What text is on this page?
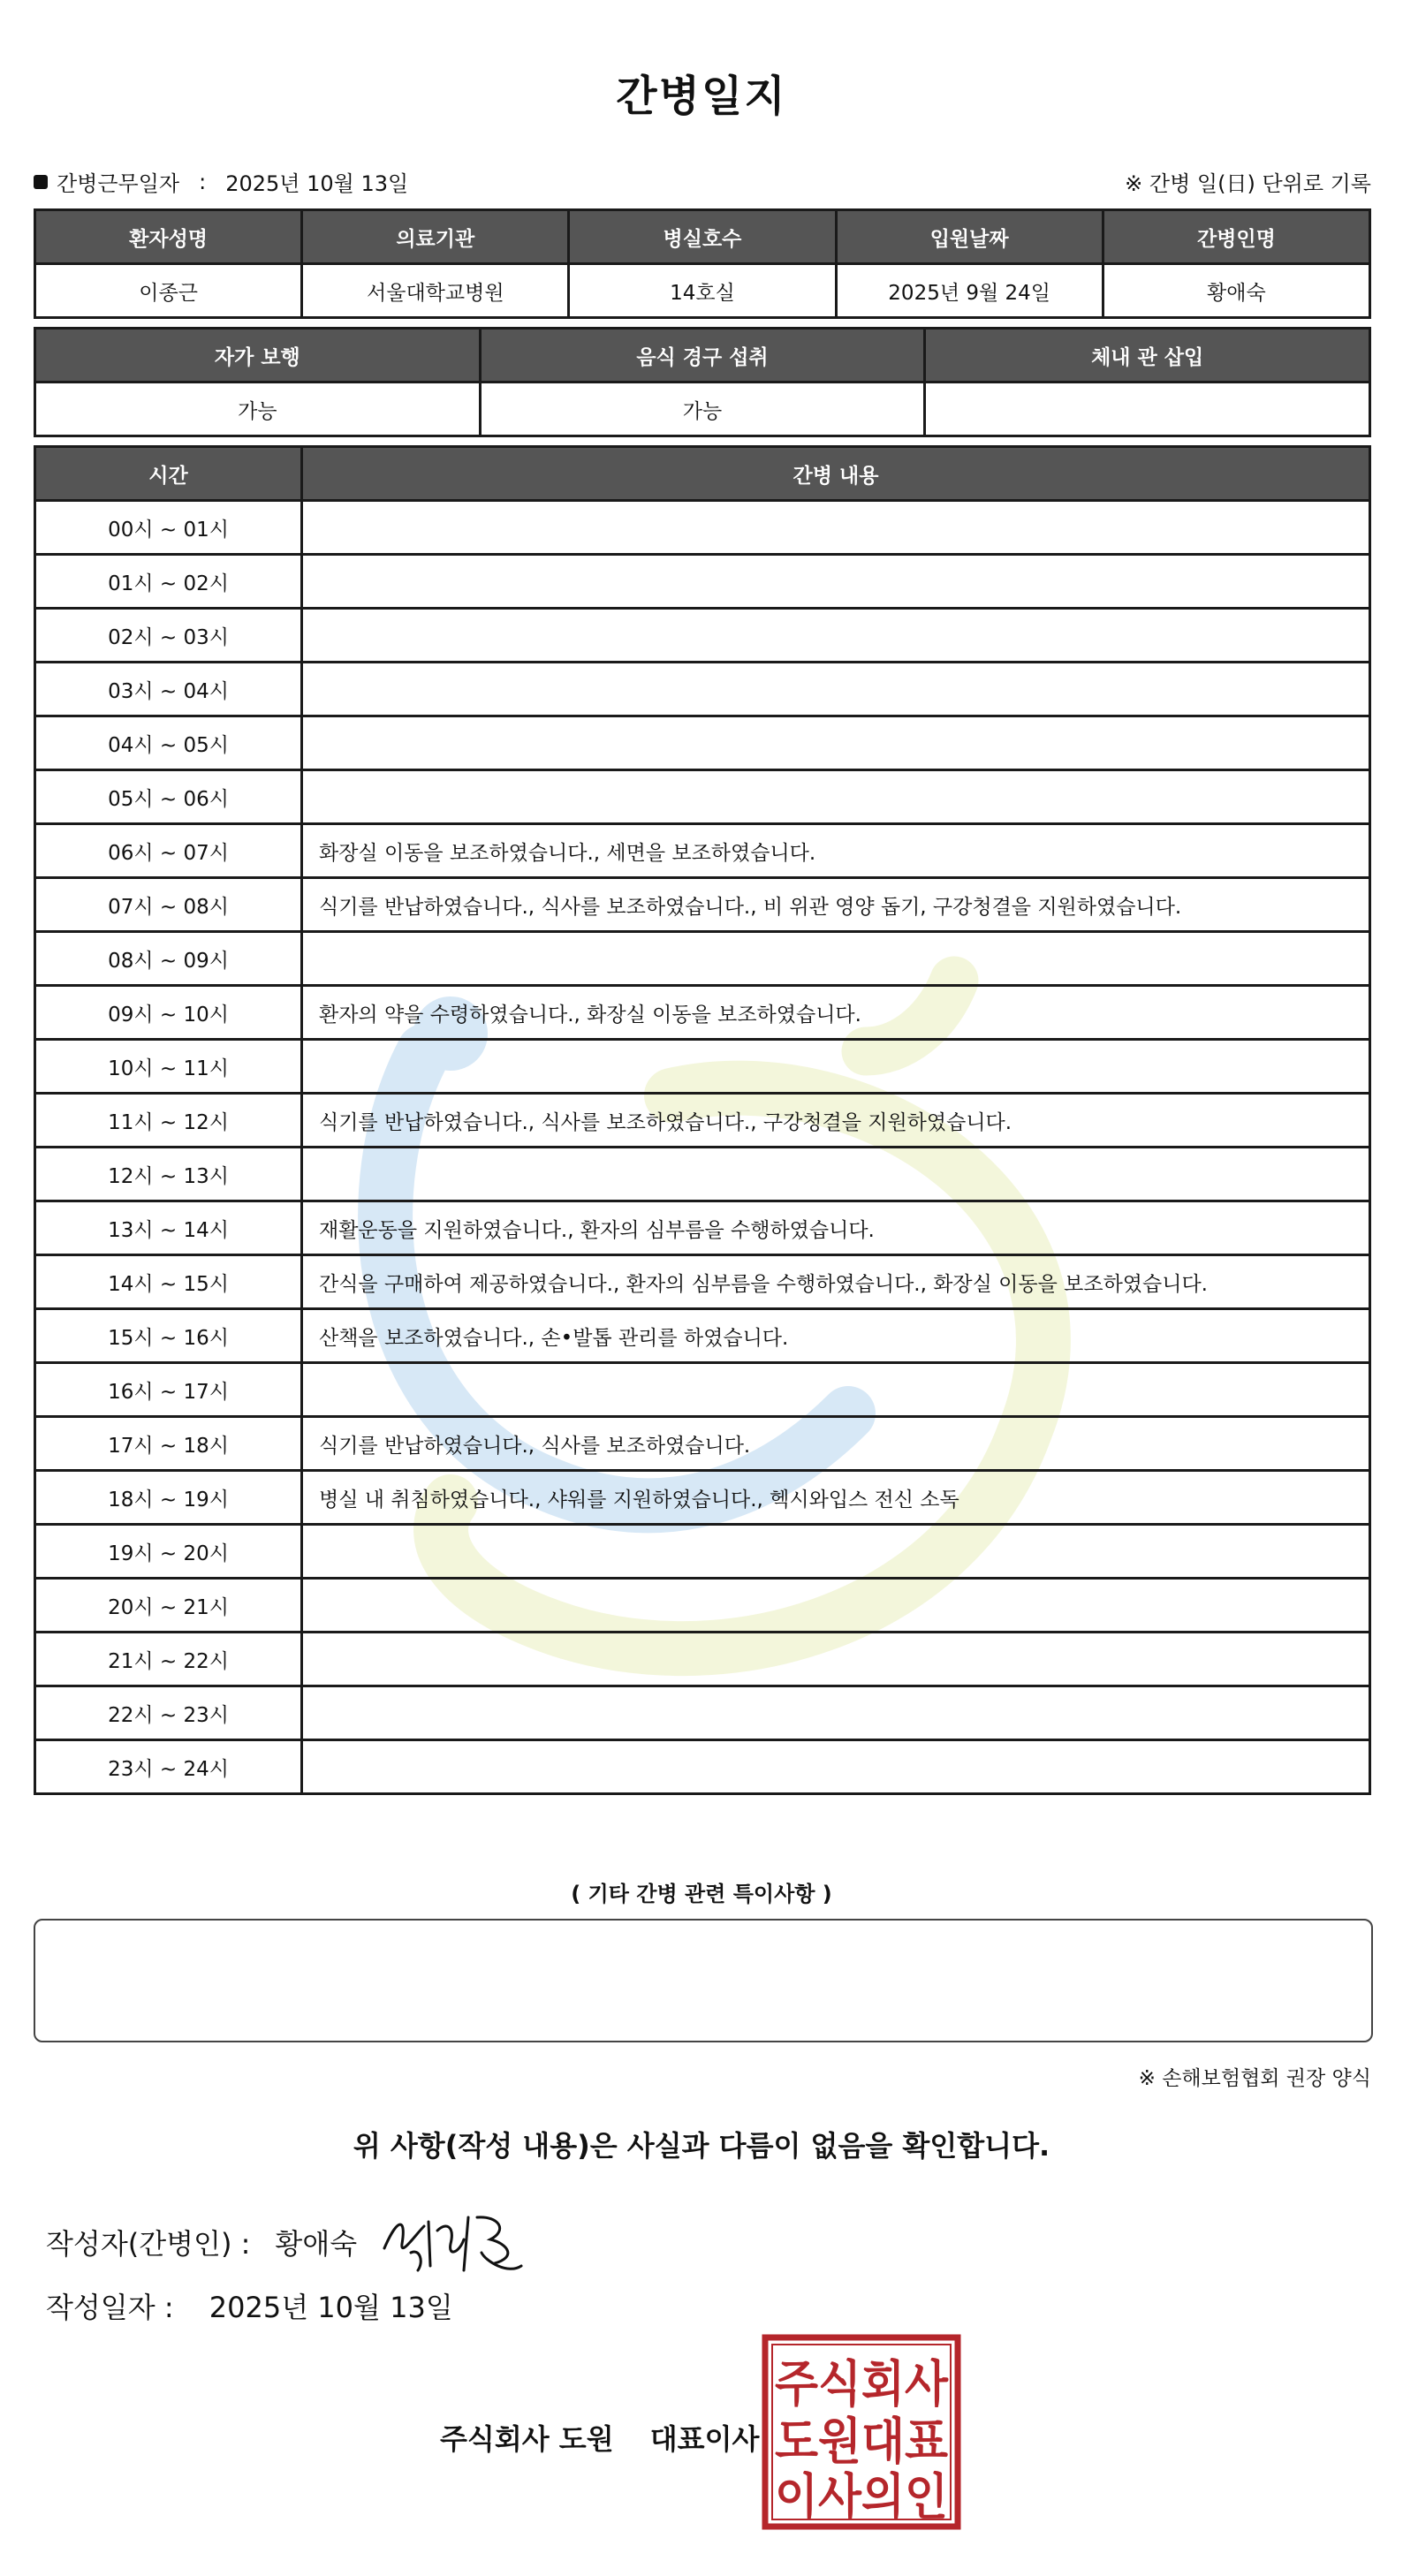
간병일지
간병근무일자 : 2025년 10월 13일	※ 간병 일(日) 단위로 기록
환자성명	의료기관	병실호수	입원날짜	간병인명
이종근	서울대학교병원	14호실	2025년 9월 24일	황애숙
자가 보행	음식 경구 섭취	체내 관 삽입
가능	가능	
시간	간병 내용
00시 ~ 01시	
01시 ~ 02시	
02시 ~ 03시	
03시 ~ 04시	
04시 ~ 05시	
05시 ~ 06시	
06시 ~ 07시	화장실 이동을 보조하였습니다., 세면을 보조하였습니다.
07시 ~ 08시	식기를 반납하였습니다., 식사를 보조하였습니다., 비 위관 영양 돕기, 구강청결을 지원하였습니다.
08시 ~ 09시	
09시 ~ 10시	환자의 약을 수령하였습니다., 화장실 이동을 보조하였습니다.
10시 ~ 11시	
11시 ~ 12시	식기를 반납하였습니다., 식사를 보조하였습니다., 구강청결을 지원하였습니다.
12시 ~ 13시	
13시 ~ 14시	재활운동을 지원하였습니다., 환자의 심부름을 수행하였습니다.
14시 ~ 15시	간식을 구매하여 제공하였습니다., 환자의 심부름을 수행하였습니다., 화장실 이동을 보조하였습니다.
15시 ~ 16시	산책을 보조하였습니다., 손•발톱 관리를 하였습니다.
16시 ~ 17시	
17시 ~ 18시	식기를 반납하였습니다., 식사를 보조하였습니다.
18시 ~ 19시	병실 내 취침하였습니다., 샤워를 지원하였습니다., 헥시와입스 전신 소독
19시 ~ 20시	
20시 ~ 21시	
21시 ~ 22시	
22시 ~ 23시	
23시 ~ 24시	
( 기타 간병 관련 특이사항 )
※ 손해보험협회 권장 양식
위 사항(작성 내용)은 사실과 다름이 없음을 확인합니다.
작성자(간병인) : 황애숙
작성일자 : 2025년 10월 13일
주식회사 도원 대표이사
주식회사
도원대표
이사의인
